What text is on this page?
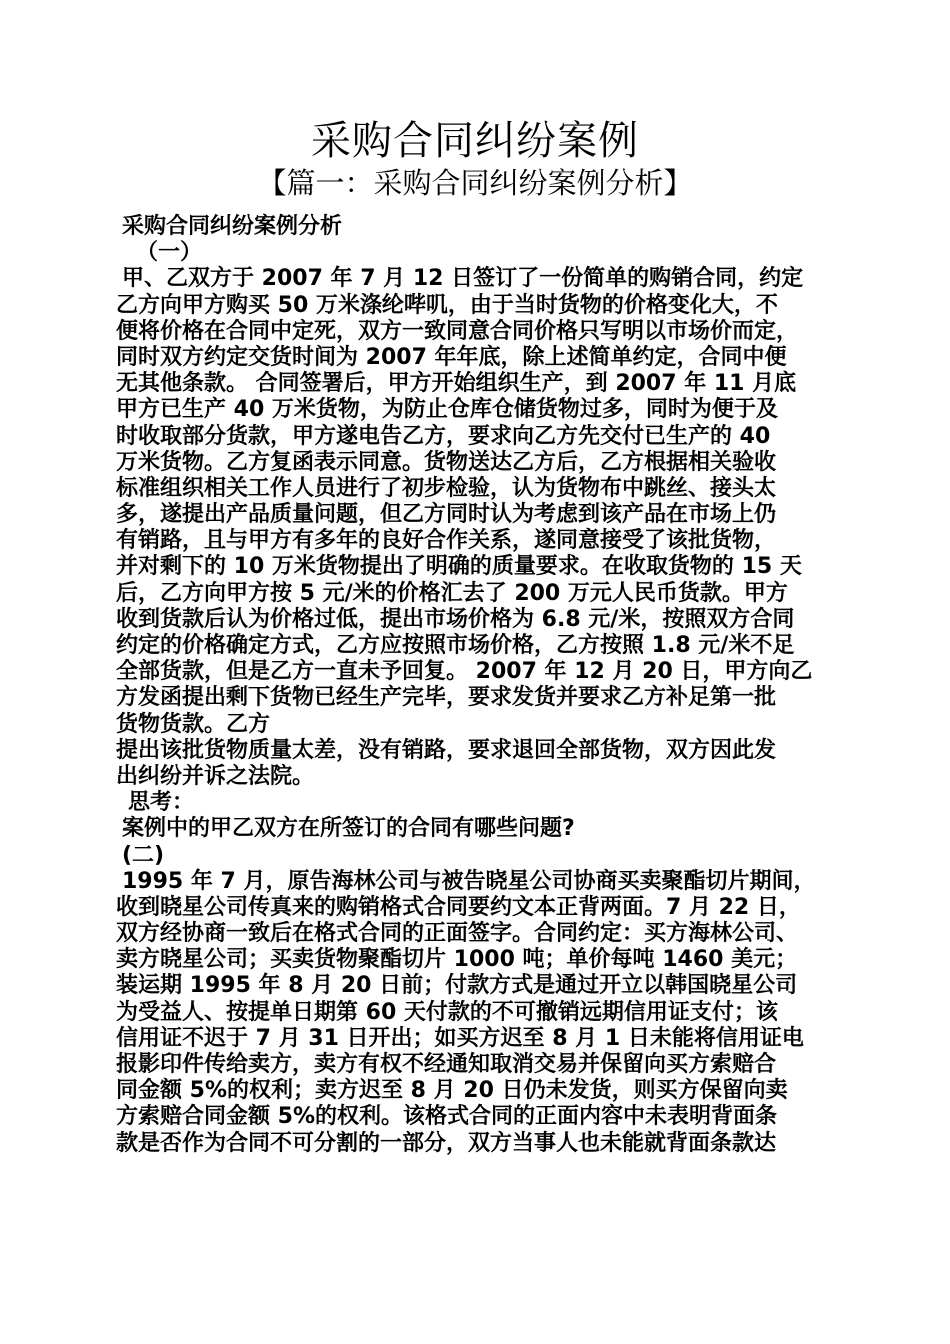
采购合同纠纷案例
【篇一：采购合同纠纷案例分析】
采购合同纠纷案例分析
（一）
甲、乙双方于 2007 年 7 月 12 日签订了一份简单的购销合同，约定
乙方向甲方购买 50 万米涤纶哔叽，由于当时货物的价格变化大，不
便将价格在合同中定死，双方一致同意合同价格只写明以市场价而定，
同时双方约定交货时间为 2007 年年底，除上述简单约定，合同中便
无其他条款。 合同签署后，甲方开始组织生产，到 2007 年 11 月底
甲方已生产 40 万米货物，为防止仓库仓储货物过多，同时为便于及
时收取部分货款，甲方遂电告乙方，要求向乙方先交付已生产的 40
万米货物。乙方复函表示同意。货物送达乙方后，乙方根据相关验收
标准组织相关工作人员进行了初步检验，认为货物布中跳丝、接头太
多，遂提出产品质量问题，但乙方同时认为考虑到该产品在市场上仍
有销路，且与甲方有多年的良好合作关系，遂同意接受了该批货物，
并对剩下的 10 万米货物提出了明确的质量要求。在收取货物的 15 天
后，乙方向甲方按 5 元/米的价格汇去了 200 万元人民币货款。甲方
收到货款后认为价格过低，提出市场价格为 6.8 元/米，按照双方合同
约定的价格确定方式，乙方应按照市场价格，乙方按照 1.8 元/米不足
全部货款，但是乙方一直未予回复。 2007 年 12 月 20 日，甲方向乙
方发函提出剩下货物已经生产完毕，要求发货并要求乙方补足第一批
货物货款。乙方
提出该批货物质量太差，没有销路，要求退回全部货物，双方因此发
出纠纷并诉之法院。
思考：
案例中的甲乙双方在所签订的合同有哪些问题?
(二)
1995 年 7 月，原告海林公司与被告晓星公司协商买卖聚酯切片期间，
收到晓星公司传真来的购销格式合同要约文本正背两面。7 月 22 日，
双方经协商一致后在格式合同的正面签字。合同约定：买方海林公司、
卖方晓星公司；买卖货物聚酯切片 1000 吨；单价每吨 1460 美元；
装运期 1995 年 8 月 20 日前；付款方式是通过开立以韩国晓星公司
为受益人、按提单日期第 60 天付款的不可撤销远期信用证支付；该
信用证不迟于 7 月 31 日开出；如买方迟至 8 月 1 日未能将信用证电
报影印件传给卖方，卖方有权不经通知取消交易并保留向买方索赔合
同金额 5%的权利；卖方迟至 8 月 20 日仍未发货，则买方保留向卖
方索赔合同金额 5%的权利。该格式合同的正面内容中未表明背面条
款是否作为合同不可分割的一部分，双方当事人也未能就背面条款达
